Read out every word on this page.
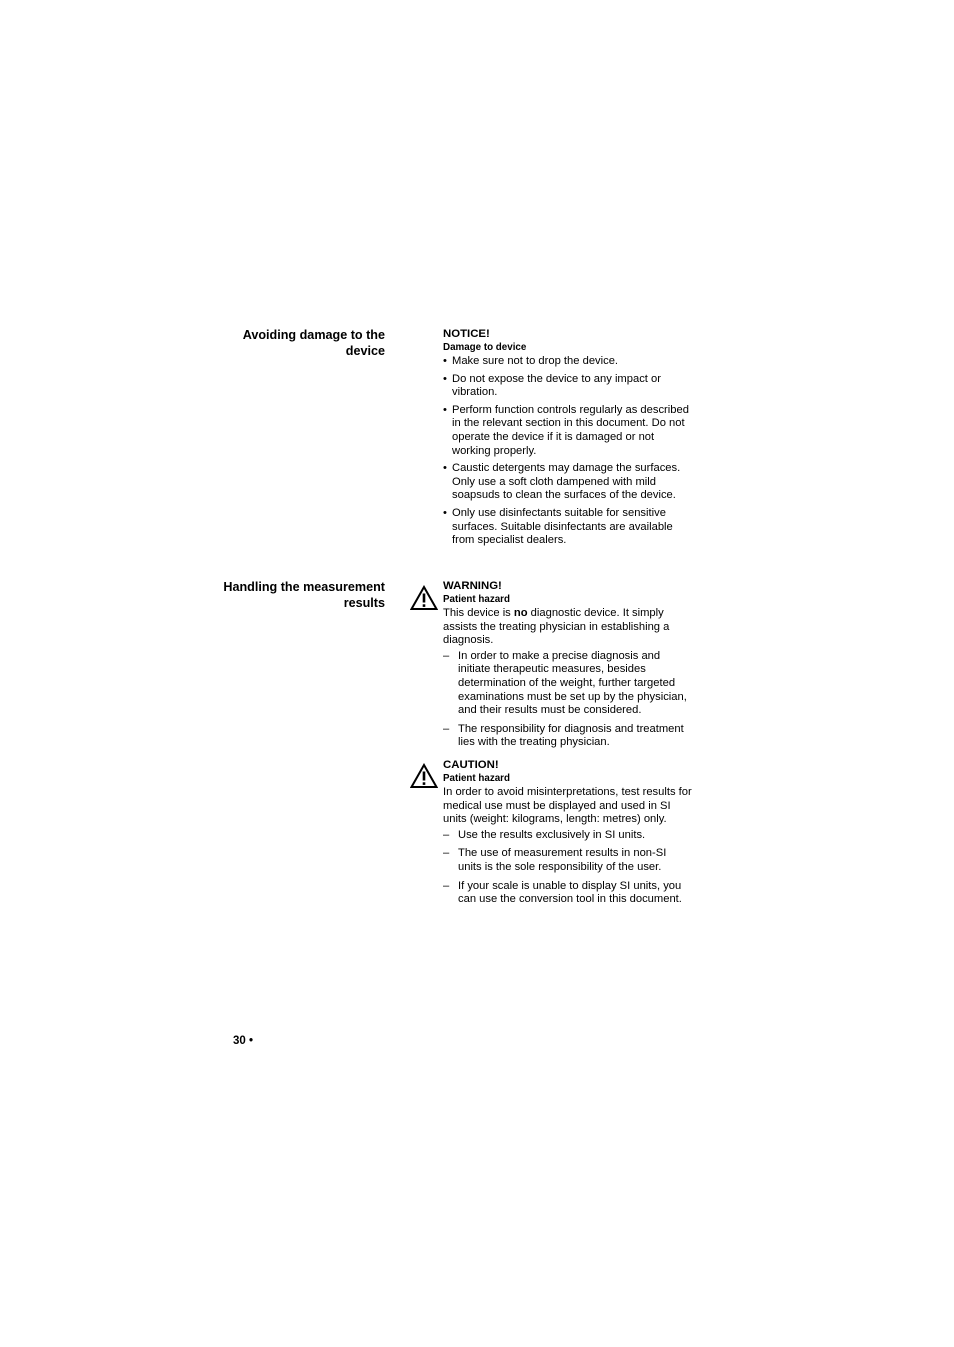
Avoiding damage to the device
NOTICE!
Damage to device
• Make sure not to drop the device.
• Do not expose the device to any impact or vibration.
• Perform function controls regularly as described in the relevant section in this document. Do not operate the device if it is damaged or not working properly.
• Caustic detergents may damage the surfaces. Only use a soft cloth dampened with mild soapsuds to clean the surfaces of the device.
• Only use disinfectants suitable for sensitive surfaces. Suitable disinfectants are available from specialist dealers.
Handling the measurement results
WARNING!
Patient hazard

This device is no diagnostic device. It simply assists the treating physician in establishing a diagnosis.

– In order to make a precise diagnosis and initiate therapeutic measures, besides determination of the weight, further targeted examinations must be set up by the physician, and their results must be considered.
– The responsibility for diagnosis and treatment lies with the treating physician.
CAUTION!
Patient hazard

In order to avoid misinterpretations, test results for medical use must be displayed and used in SI units (weight: kilograms, length: metres) only.

– Use the results exclusively in SI units.
– The use of measurement results in non-SI units is the sole responsibility of the user.
– If your scale is unable to display SI units, you can use the conversion tool in this document.
30 •
